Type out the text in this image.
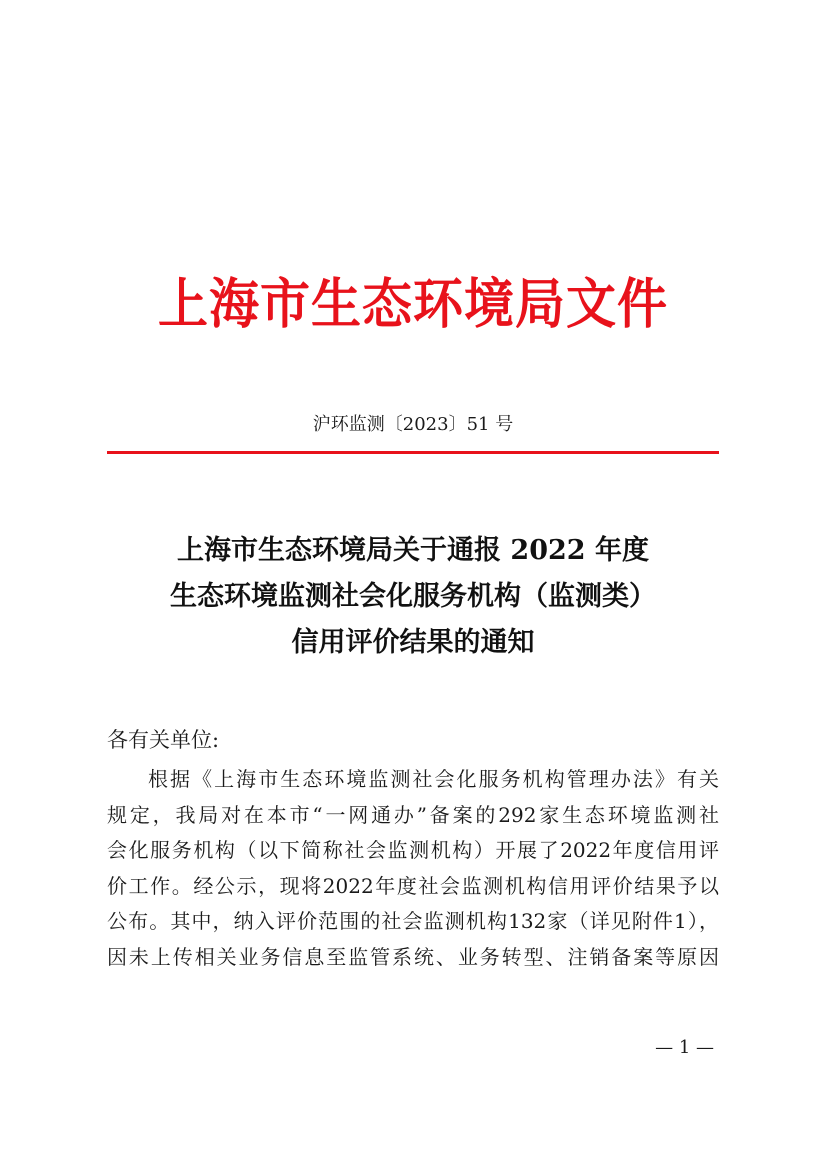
上海市生态环境局文件
沪环监测〔2023〕51 号
上海市生态环境局关于通报 2022 年度
生态环境监测社会化服务机构（监测类）
信用评价结果的通知
各有关单位:
根据《上海市生态环境监测社会化服务机构管理办法》有关
规定，我局对在本市“一网通办”备案的292家生态环境监测社
会化服务机构（以下简称社会监测机构）开展了2022年度信用评
价工作。经公示，现将2022年度社会监测机构信用评价结果予以
公布。其中，纳入评价范围的社会监测机构132家（详见附件1），
因未上传相关业务信息至监管系统、业务转型、注销备案等原因
— 1 —
